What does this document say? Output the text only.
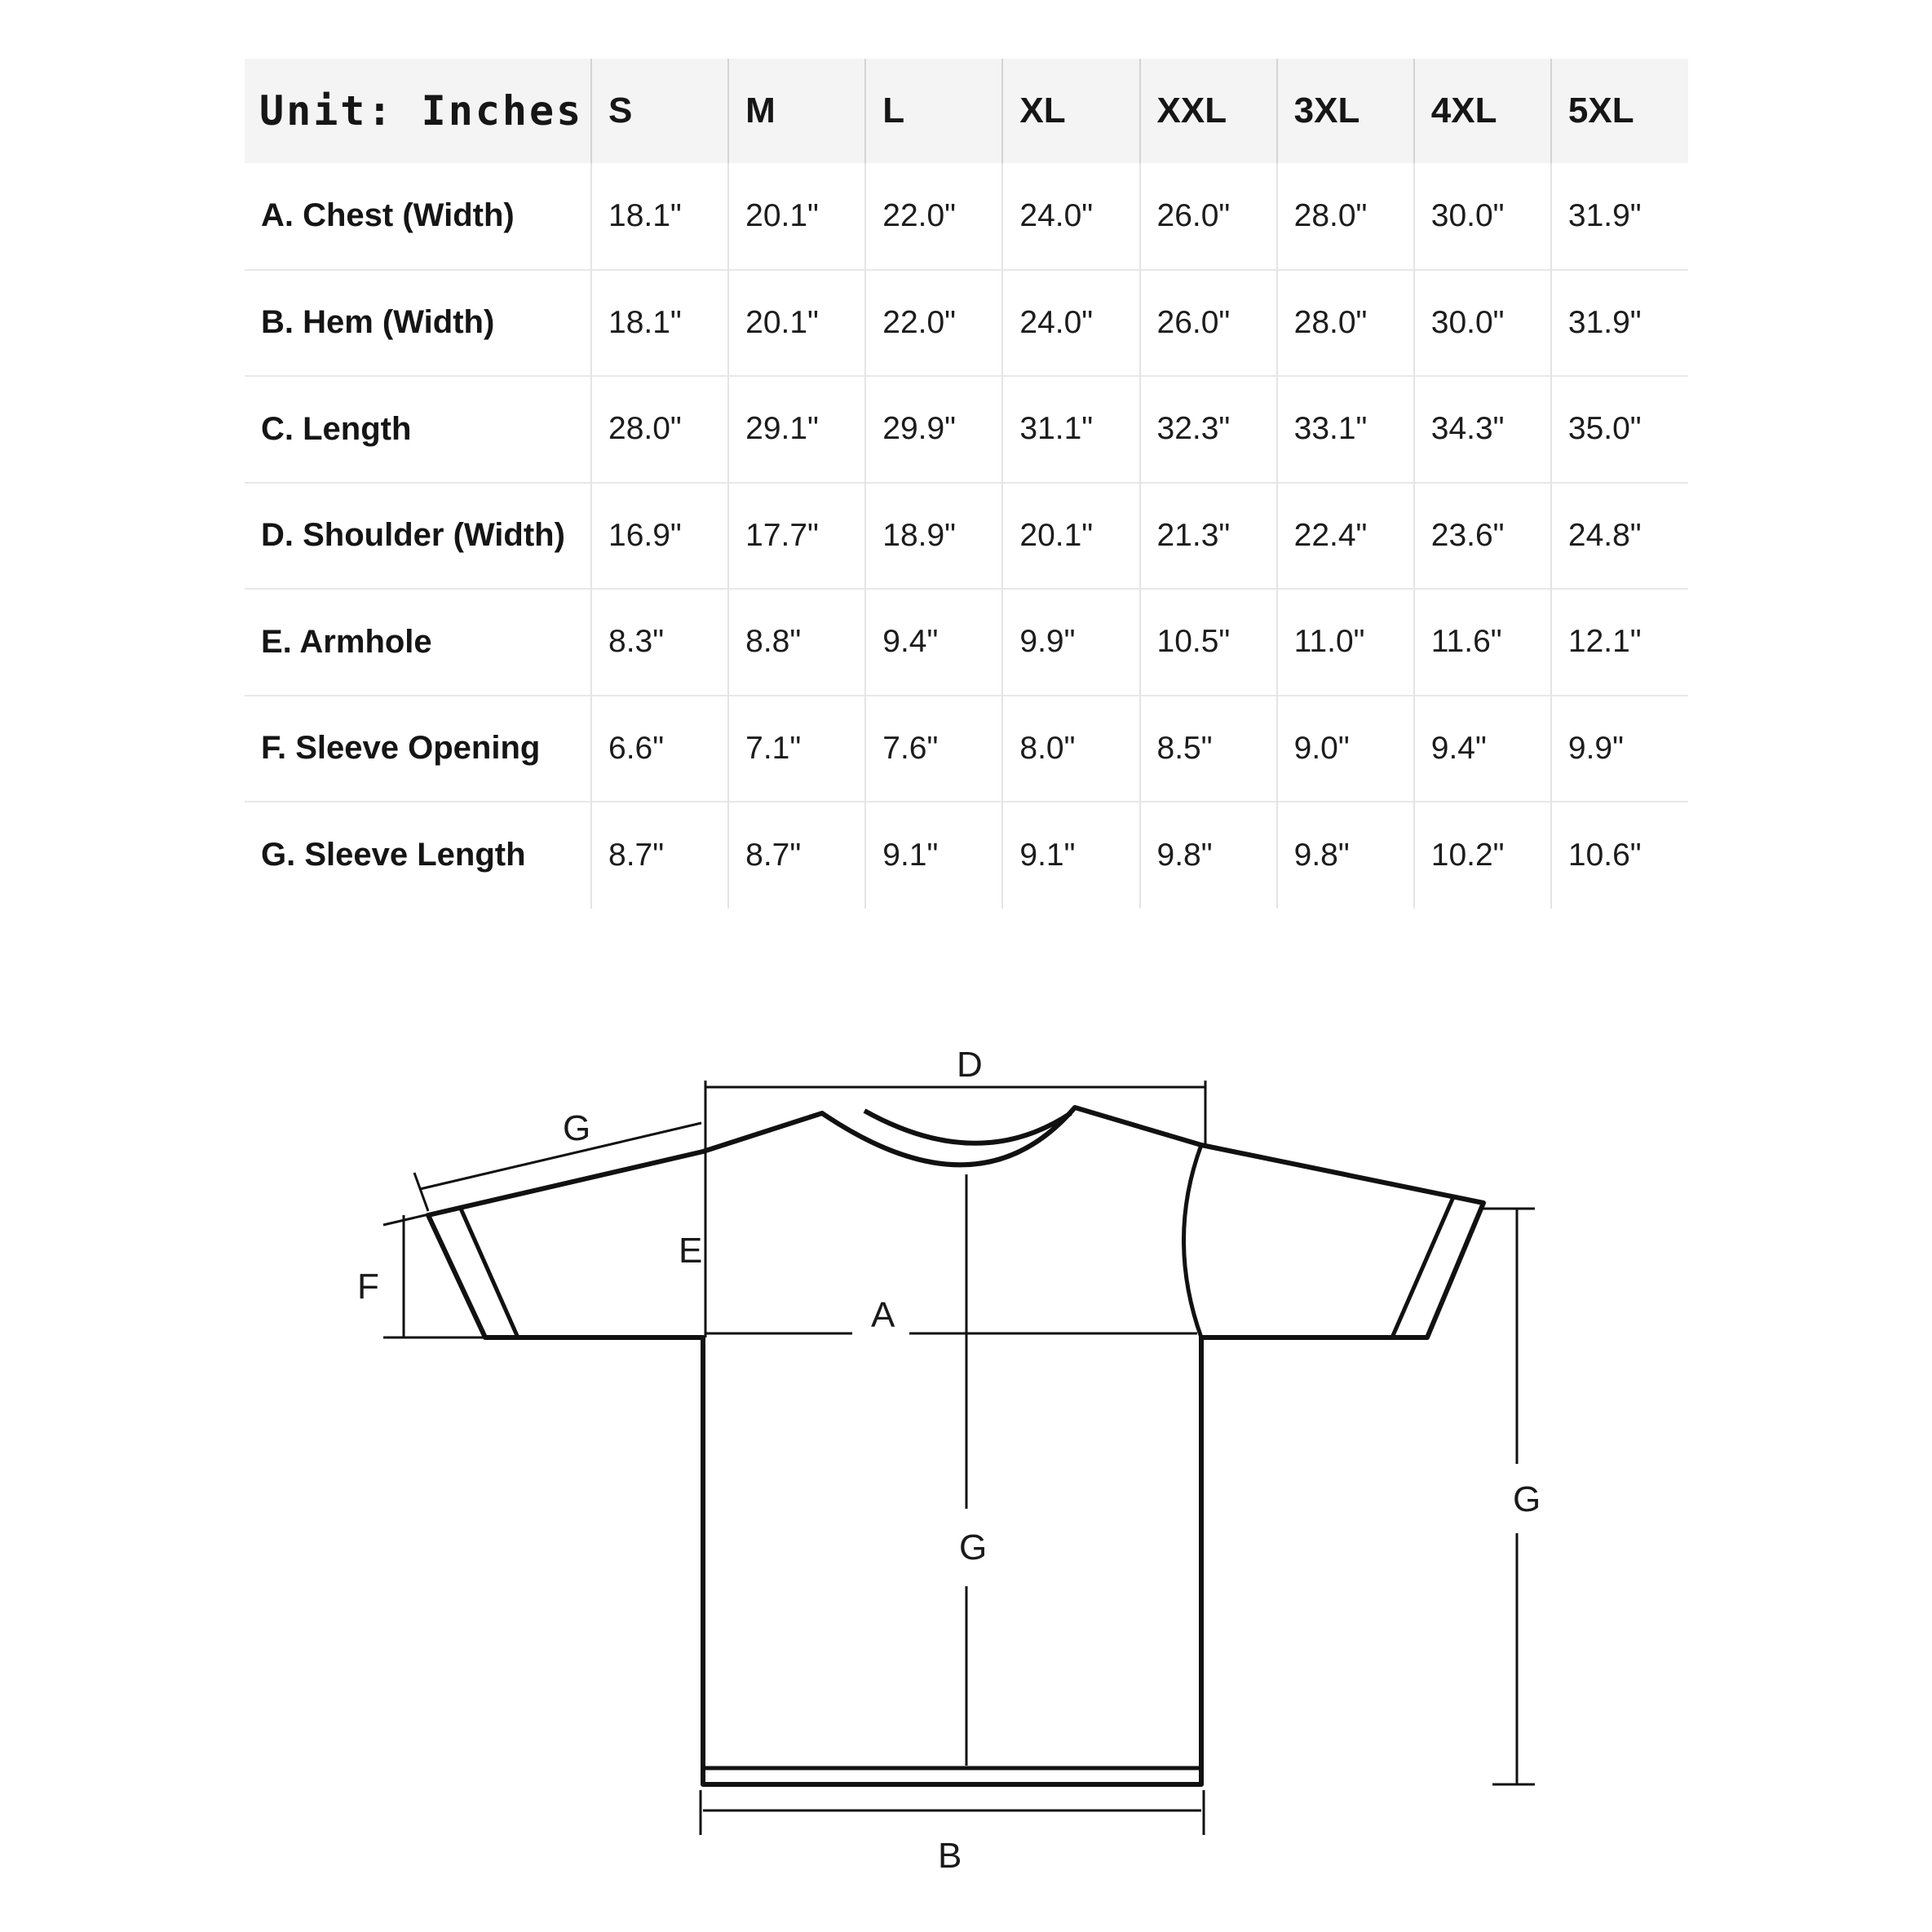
Unit: Inches	S	M	L	XL	XXL	3XL	4XL	5XL
A. Chest (Width)	18.1"	20.1"	22.0"	24.0"	26.0"	28.0"	30.0"	31.9"
B. Hem (Width)	18.1"	20.1"	22.0"	24.0"	26.0"	28.0"	30.0"	31.9"
C. Length	28.0"	29.1"	29.9"	31.1"	32.3"	33.1"	34.3"	35.0"
D. Shoulder (Width)	16.9"	17.7"	18.9"	20.1"	21.3"	22.4"	23.6"	24.8"
E. Armhole	8.3"	8.8"	9.4"	9.9"	10.5"	11.0"	11.6"	12.1"
F. Sleeve Opening	6.6"	7.1"	7.6"	8.0"	8.5"	9.0"	9.4"	9.9"
G. Sleeve Length	8.7"	8.7"	9.1"	9.1"	9.8"	9.8"	10.2"	10.6"
D
G
E
F
A
G
G
B
